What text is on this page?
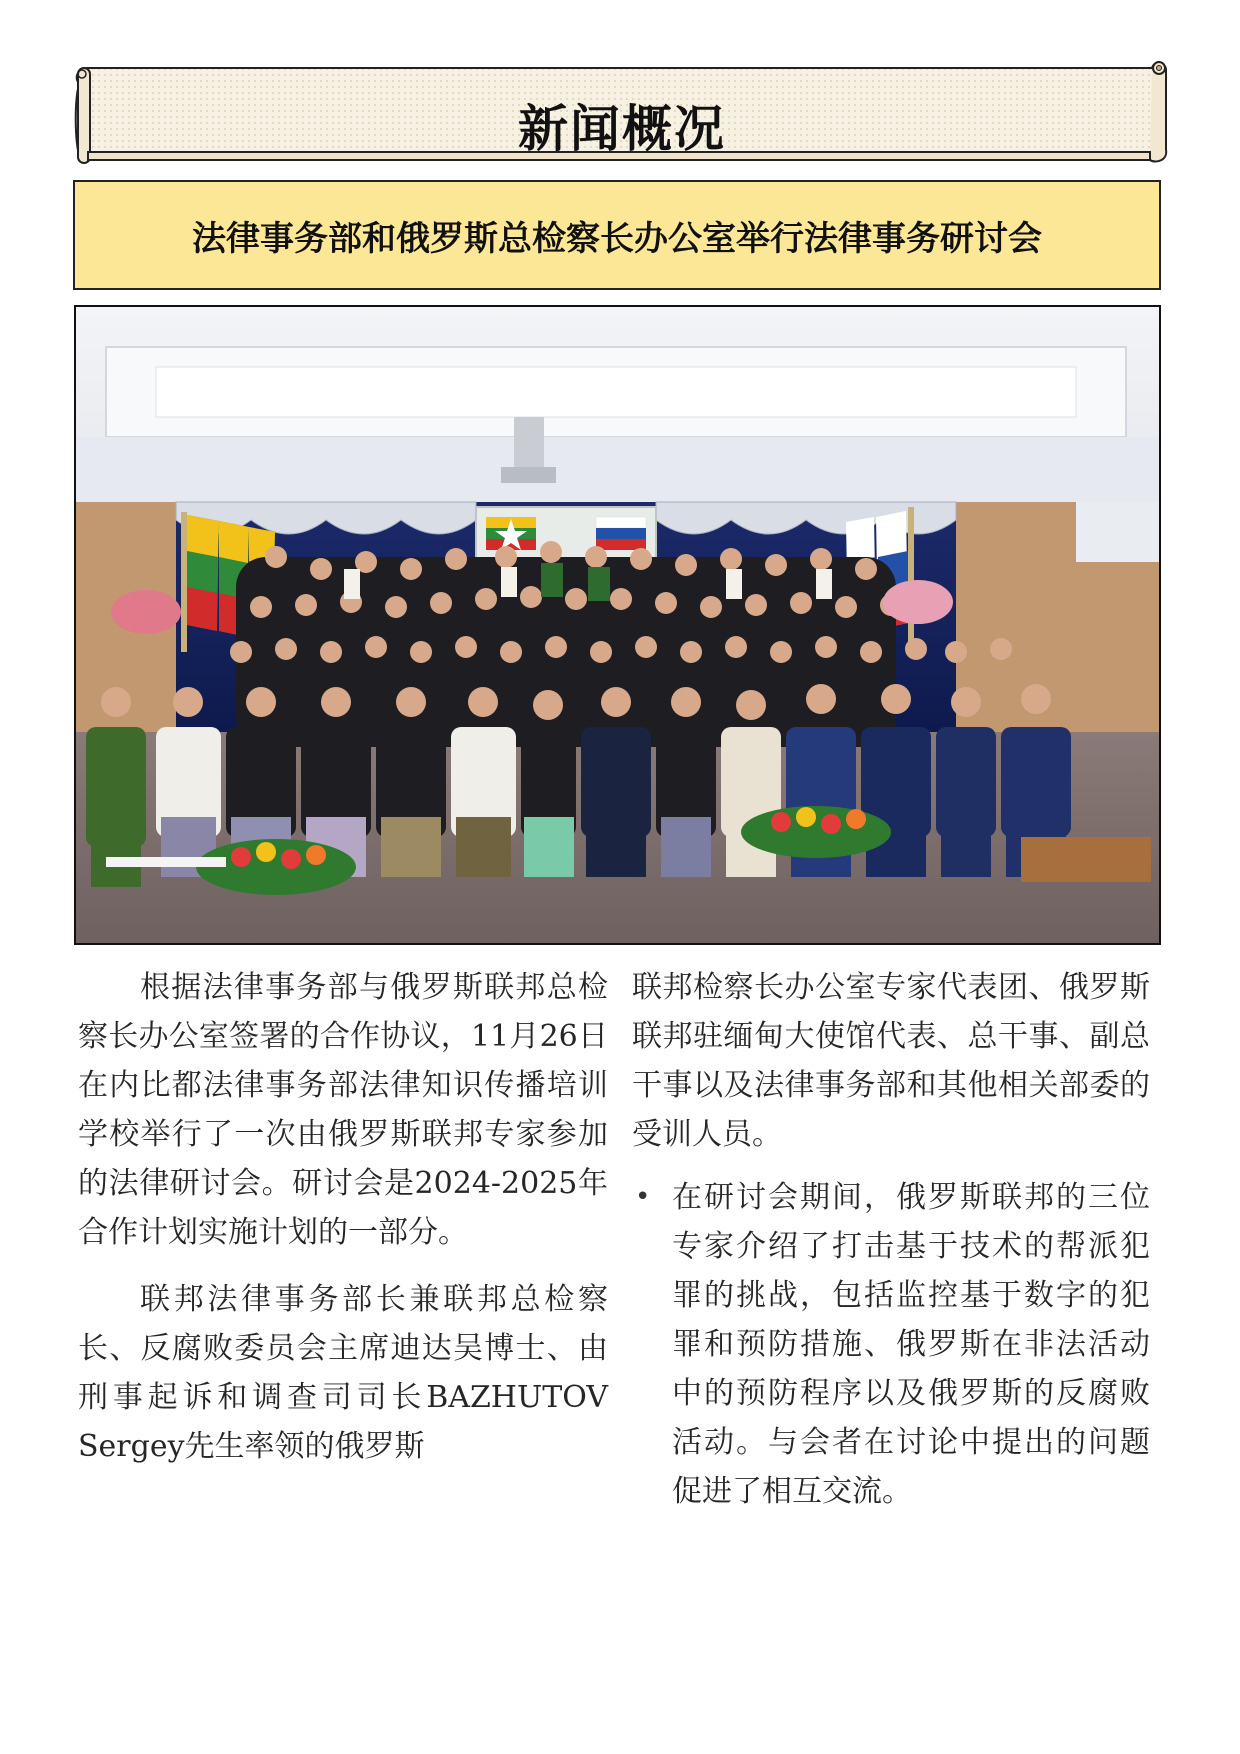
新闻概况
法律事务部和俄罗斯总检察长办公室举行法律事务研讨会

根据法律事务部与俄罗斯联邦总检察长办公室签署的合作协议，11月26日在内比都法律事务部法律知识传播培训学校举行了一次由俄罗斯联邦专家参加的法律研讨会。研讨会是2024-2025年合作计划实施计划的一部分。

联邦法律事务部长兼联邦总检察长、反腐败委员会主席迪达吴博士、由刑事起诉和调查司司长BAZHUTOV Sergey先生率领的俄罗斯

联邦检察长办公室专家代表团、俄罗斯联邦驻缅甸大使馆代表、总干事、副总干事以及法律事务部和其他相关部委的受训人员。

• 在研讨会期间，俄罗斯联邦的三位专家介绍了打击基于技术的帮派犯罪的挑战，包括监控基于数字的犯罪和预防措施、俄罗斯在非法活动中的预防程序以及俄罗斯的反腐败活动。与会者在讨论中提出的问题促进了相互交流。
